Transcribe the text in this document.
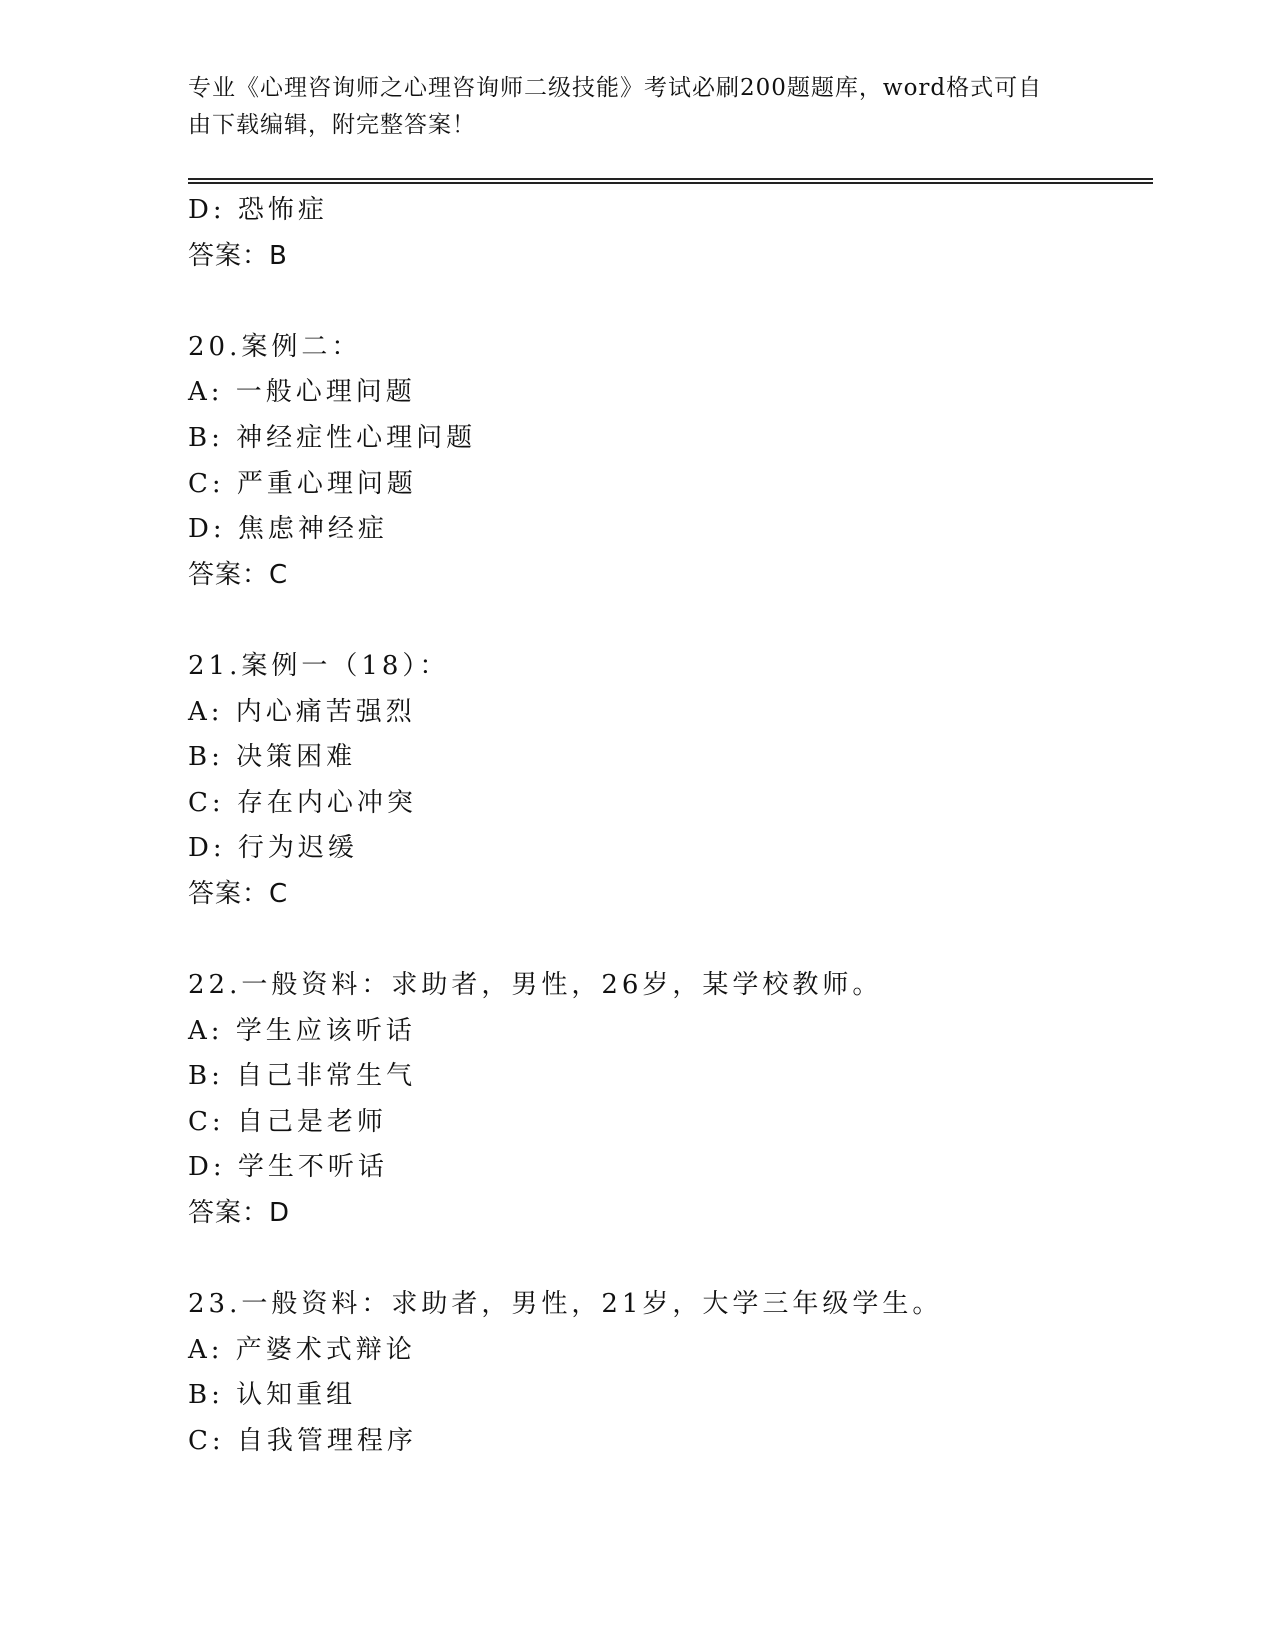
专业《心理咨询师之心理咨询师二级技能》考试必刷200题题库，word格式可自
由下载编辑，附完整答案！
D: 恐怖症
答案：B
20.案例二：
A: 一般心理问题
B: 神经症性心理问题
C: 严重心理问题
D: 焦虑神经症
答案：C
21.案例一（18）：
A: 内心痛苦强烈
B: 决策困难
C: 存在内心冲突
D: 行为迟缓
答案：C
22.一般资料：求助者，男性，26岁，某学校教师。
A: 学生应该听话
B: 自己非常生气
C: 自己是老师
D: 学生不听话
答案：D
23.一般资料：求助者，男性，21岁，大学三年级学生。
A: 产婆术式辩论
B: 认知重组
C: 自我管理程序
